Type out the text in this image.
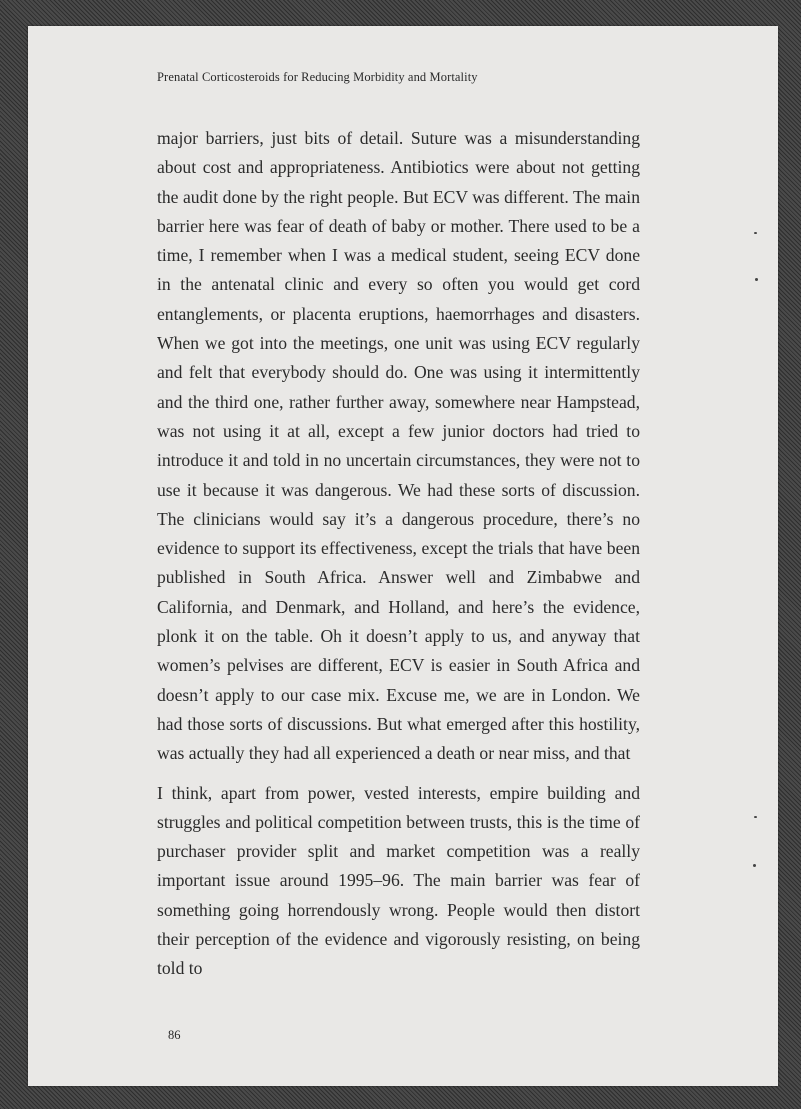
Prenatal Corticosteroids for Reducing Morbidity and Mortality

major barriers, just bits of detail. Suture was a misunderstanding about cost and appropriateness. Antibiotics were about not getting the audit done by the right people. But ECV was different. The main barrier here was fear of death of baby or mother. There used to be a time, I remember when I was a medical student, seeing ECV done in the antenatal clinic and every so often you would get cord entanglements, or placenta eruptions, haemorrhages and disasters. When we got into the meetings, one unit was using ECV regularly and felt that everybody should do. One was using it intermittently and the third one, rather further away, somewhere near Hampstead, was not using it at all, except a few junior doctors had tried to introduce it and told in no uncertain circumstances, they were not to use it because it was dangerous. We had these sorts of discussion. The clinicians would say it’s a dangerous procedure, there’s no evidence to support its effectiveness, except the trials that have been published in South Africa. Answer well and Zimbabwe and California, and Denmark, and Holland, and here’s the evidence, plonk it on the table. Oh it doesn’t apply to us, and anyway that women’s pelvises are different, ECV is easier in South Africa and doesn’t apply to our case mix. Excuse me, we are in London. We had those sorts of discussions. But what emerged after this hostility, was actually they had all experienced a death or near miss, and that

I think, apart from power, vested interests, empire building and struggles and political competition between trusts, this is the time of purchaser provider split and market competition was a really important issue around 1995–96. The main barrier was fear of something going horrendously wrong. People would then distort their perception of the evidence and vigorously resisting, on being told to

86
